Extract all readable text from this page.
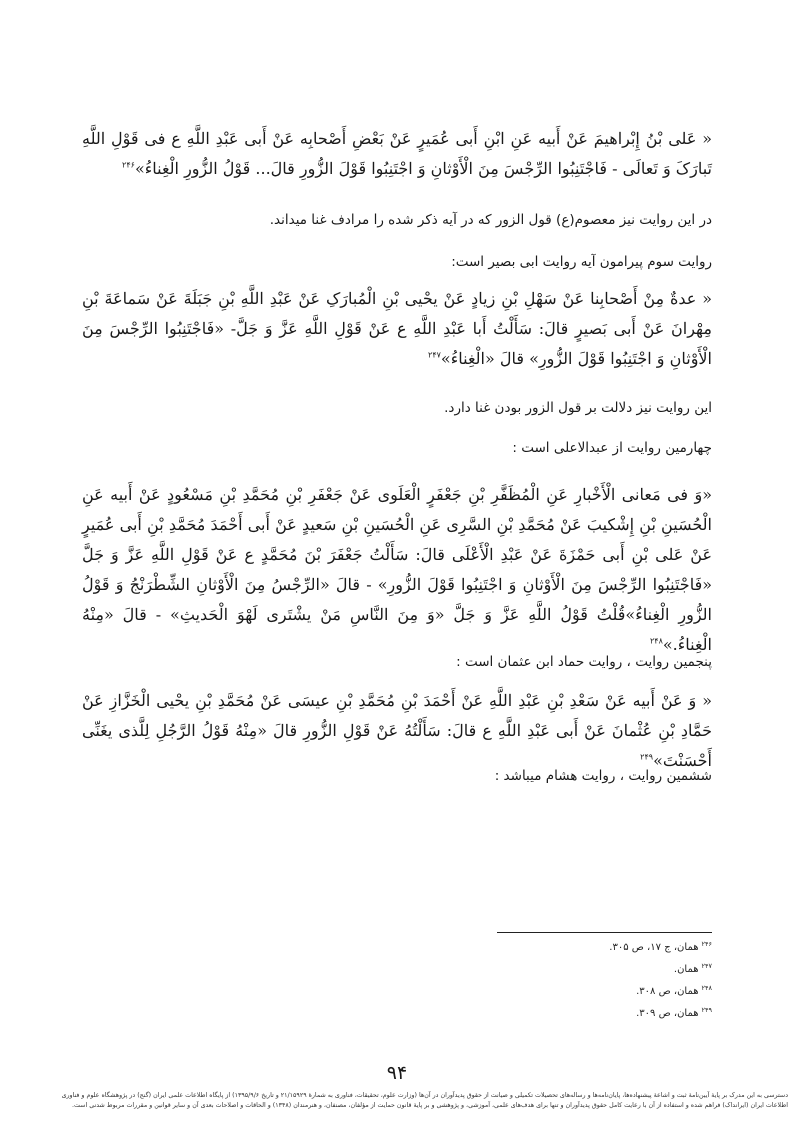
« عَلی بْنُ إِبْراهیمَ عَنْ أَبیه عَنِ ابْنِ أَبی عُمَیرٍ عَنْ بَعْضِ أَصْحابِه عَنْ أَبی عَبْدِ اللَّهِ ع فی قَوْلِ اللَّهِ تَبارَکَ وَ تَعالَی - فَاجْتَنِبُوا الرِّجْسَ مِنَ الْأَوْثانِ وَ اجْتَنِبُوا قَوْلَ الزُّورِ قالَ... قَوْلُ الزُّورِ الْغِناءُ»$^{۲۴۶}$

در این روایت نیز معصوم(ع) قول الزور که در آیه ذکر شده را مرادف غنا میداند.

روایت سوم پیرامون آیه روایت ابی بصیر است:

« عدةٌ مِنْ أَصْحابِنا عَنْ سَهْلِ بْنِ زیادٍ عَنْ یحْیی بْنِ الْمُبارَکِ عَنْ عَبْدِ اللَّهِ بْنِ جَبَلَةَ عَنْ سَماعَةَ بْنِ مِهْرانَ عَنْ أَبی بَصیرٍ قالَ: سَأَلْتُ أَبا عَبْدِ اللَّهِ ع عَنْ قَوْلِ اللَّهِ عَزَّ وَ جَلَّ- «فَاجْتَنِبُوا الرِّجْسَ مِنَ الْأَوْثانِ وَ اجْتَنِبُوا قَوْلَ الزُّورِ» قالَ «الْغِناءُ»$^{۲۴۷}$

این روایت نیز دلالت بر قول الزور بودن غنا دارد.

چهارمین روایت از عبدالاعلی است :

«وَ فی مَعانی الْأَخْبارِ عَنِ الْمُظَفَّرِ بْنِ جَعْفَرٍ الْعَلَوی عَنْ جَعْفَرِ بْنِ مُحَمَّدِ بْنِ مَسْعُودٍ عَنْ أَبیه عَنِ الْحُسَینِ بْنِ إِشْکیبَ عَنْ مُحَمَّدِ بْنِ السَّرِی عَنِ الْحُسَینِ بْنِ سَعیدٍ عَنْ أَبی أَحْمَدَ مُحَمَّدِ بْنِ أَبی عُمَیرٍ عَنْ عَلی بْنِ أَبی حَمْزَةَ عَنْ عَبْدِ الْأَعْلَی قالَ: سَأَلْتُ جَعْفَرَ بْنَ مُحَمَّدٍ ع عَنْ قَوْلِ اللَّهِ عَزَّ وَ جَلَّ «فَاجْتَنِبُوا الرِّجْسَ مِنَ الْأَوْثانِ وَ اجْتَنِبُوا قَوْلَ الزُّورِ» - قالَ «الرِّجْسُ مِنَ الْأَوْثانِ الشِّطْرَنْجُ وَ قَوْلُ الزُّورِ الْغِناءُ»قُلْتُ قَوْلُ اللَّهِ عَزَّ وَ جَلَّ «وَ مِنَ النَّاسِ مَنْ یشْتَری لَهْوَ الْحَدیثِ» - قالَ «مِنْهُ الْغِناءُ.»$^{۲۴۸}$

پنجمین روایت ، روایت حماد ابن عثمان است :

« وَ عَنْ أَبیه عَنْ سَعْدِ بْنِ عَبْدِ اللَّهِ عَنْ أَحْمَدَ بْنِ مُحَمَّدِ بْنِ عیسَی عَنْ مُحَمَّدِ بْنِ یحْیی الْخَزَّازِ عَنْ حَمَّادِ بْنِ عُثْمانَ عَنْ أَبی عَبْدِ اللَّهِ ع قالَ: سَأَلْتُهُ عَنْ قَوْلِ الزُّورِ قالَ «مِنْهُ قَوْلُ الرَّجُلِ لِلَّذی یغَنِّی أَحْسَنْتَ»$^{۲۴۹}$

ششمین روایت ، روایت هشام میباشد :

$^{۲۴۶}$همان، ج ۱۷، ص ۳۰۵.
$^{۲۴۷}$همان.
$^{۲۴۸}$همان، ص ۳۰۸.
$^{۲۴۹}$همان، ص ۳۰۹.
۹۴
دسترسی به این مدرک بر پایهٔ آیین‌نامهٔ ثبت و اشاعهٔ پیشنهاده‌ها، پایان‌نامه‌ها و رساله‌های تحصیلات تکمیلی و صیانت از حقوق پدیدآوران در آن‌ها (وزارت علوم، تحقیقات، فناوری به شمارهٔ ۲۱/۱۵۹۲۹ و تاریخ ۱۳۹۵/۹/۶) از پایگاه اطلاعات علمی ایران (گنج) در پژوهشگاه علوم و فناوری
اطلاعات ایران (ایرانداک) فراهم شده و استفاده از آن با رعایت کامل حقوق پدیدآوران و تنها برای هدف‌های علمی، آموزشی، و پژوهشی و بر پایهٔ قانون حمایت از مؤلفان، مصنفان، و هنرمندان (۱۳۴۸) و الحاقات و اصلاحات بعدی آن و سایر قوانین و مقررات مربوط شدنی است.
